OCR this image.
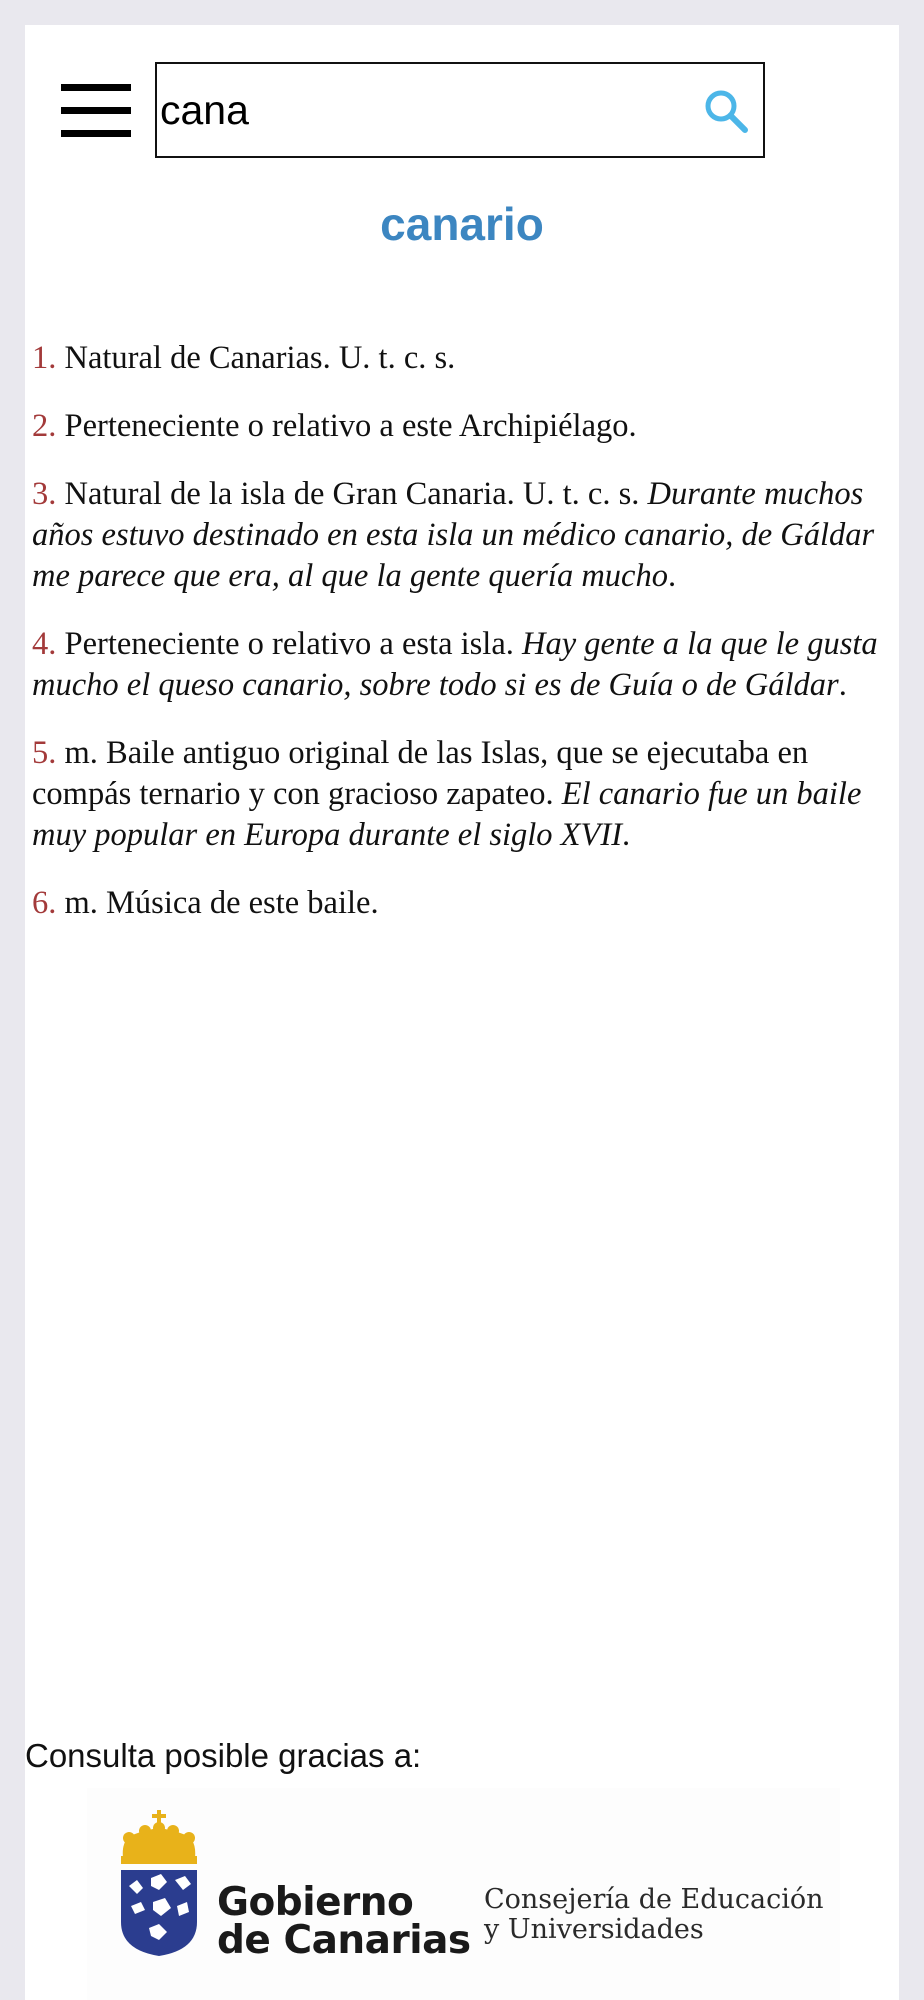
cana
canario

1. Natural de Canarias. U. t. c. s.

2. Perteneciente o relativo a este Archipiélago.

3. Natural de la isla de Gran Canaria. U. t. c. s. Durante muchos años estuvo destinado en esta isla un médico canario, de Gáldar me parece que era, al que la gente quería mucho.

4. Perteneciente o relativo a esta isla. Hay gente a la que le gusta mucho el queso canario, sobre todo si es de Guía o de Gáldar.

5. m. Baile antiguo original de las Islas, que se ejecutaba en compás ternario y con gracioso zapateo. El canario fue un baile muy popular en Europa durante el siglo XVII.

6. m. Música de este baile.

Consulta posible gracias a:
Gobierno
de Canarias
Consejería de Educación
y Universidades
